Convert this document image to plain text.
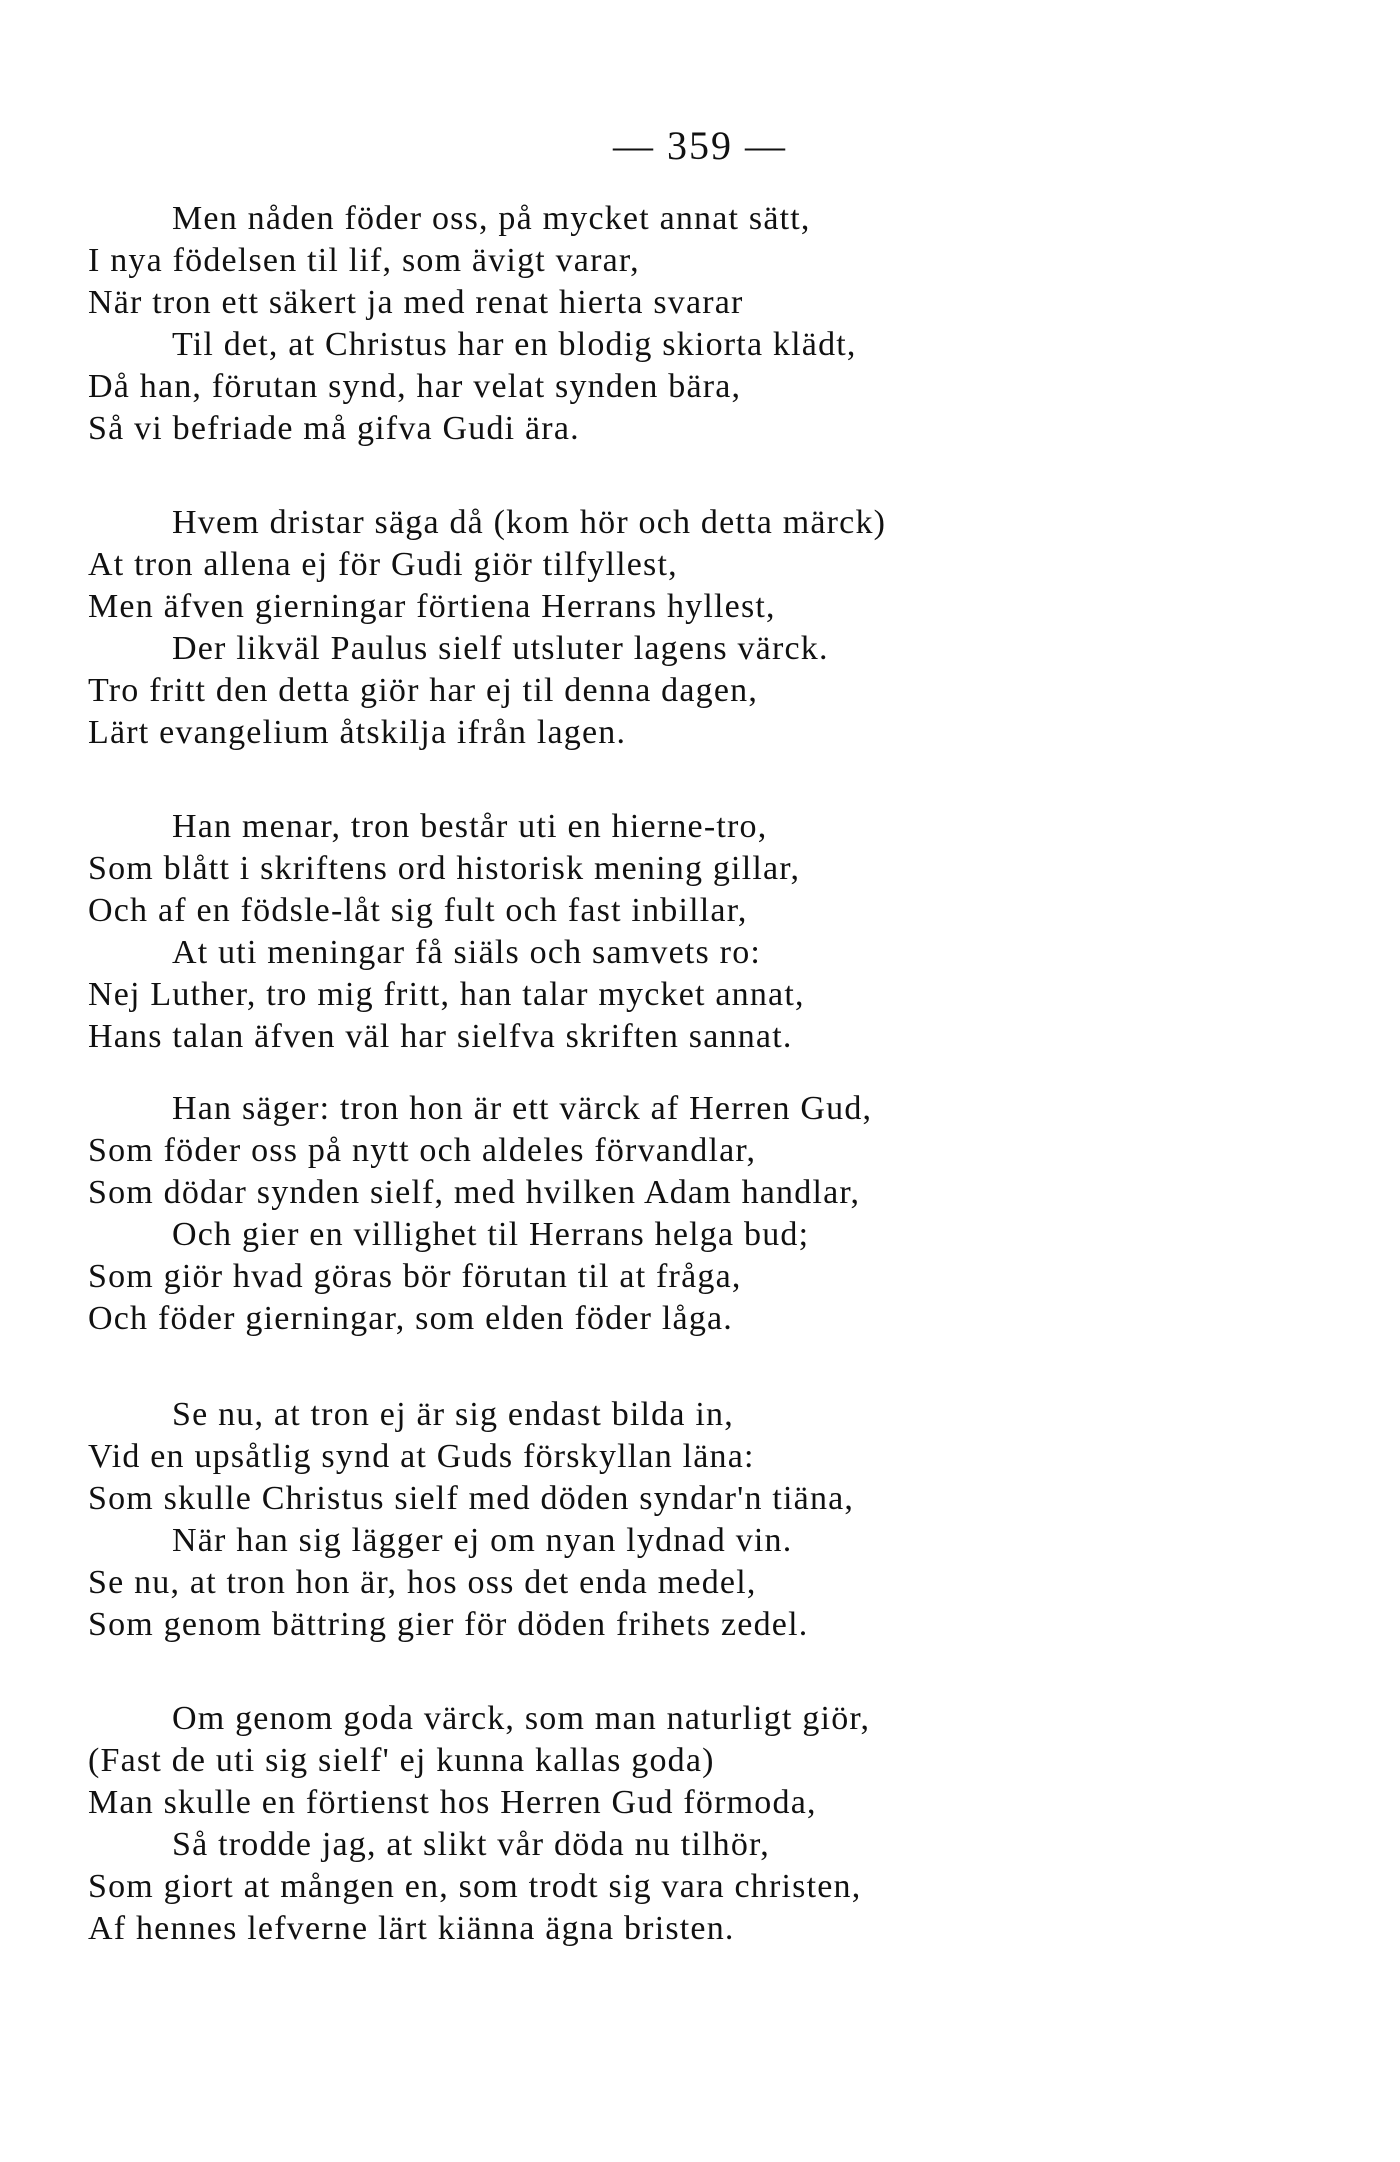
— 359 —
Men nåden föder oss, på mycket annat sätt,
I nya födelsen til lif, som ävigt varar,
När tron ett säkert ja med renat hierta svarar
Til det, at Christus har en blodig skiorta klädt,
Då han, förutan synd, har velat synden bära,
Så vi befriade må gifva Gudi ära.
Hvem dristar säga då (kom hör och detta märck)
At tron allena ej för Gudi giör tilfyllest,
Men äfven gierningar förtiena Herrans hyllest,
Der likväl Paulus sielf utsluter lagens värck.
Tro fritt den detta giör har ej til denna dagen,
Lärt evangelium åtskilja ifrån lagen.
Han menar, tron består uti en hierne-tro,
Som blått i skriftens ord historisk mening gillar,
Och af en födsle-låt sig fult och fast inbillar,
At uti meningar få siäls och samvets ro:
Nej Luther, tro mig fritt, han talar mycket annat,
Hans talan äfven väl har sielfva skriften sannat.
Han säger: tron hon är ett värck af Herren Gud,
Som föder oss på nytt och aldeles förvandlar,
Som dödar synden sielf, med hvilken Adam handlar,
Och gier en villighet til Herrans helga bud;
Som giör hvad göras bör förutan til at fråga,
Och föder gierningar, som elden föder låga.
Se nu, at tron ej är sig endast bilda in,
Vid en upsåtlig synd at Guds förskyllan läna:
Som skulle Christus sielf med döden syndar'n tiäna,
När han sig lägger ej om nyan lydnad vin.
Se nu, at tron hon är, hos oss det enda medel,
Som genom bättring gier för döden frihets zedel.
Om genom goda värck, som man naturligt giör,
(Fast de uti sig sielf' ej kunna kallas goda)
Man skulle en förtienst hos Herren Gud förmoda,
Så trodde jag, at slikt vår döda nu tilhör,
Som giort at mången en, som trodt sig vara christen,
Af hennes lefverne lärt kiänna ägna bristen.
